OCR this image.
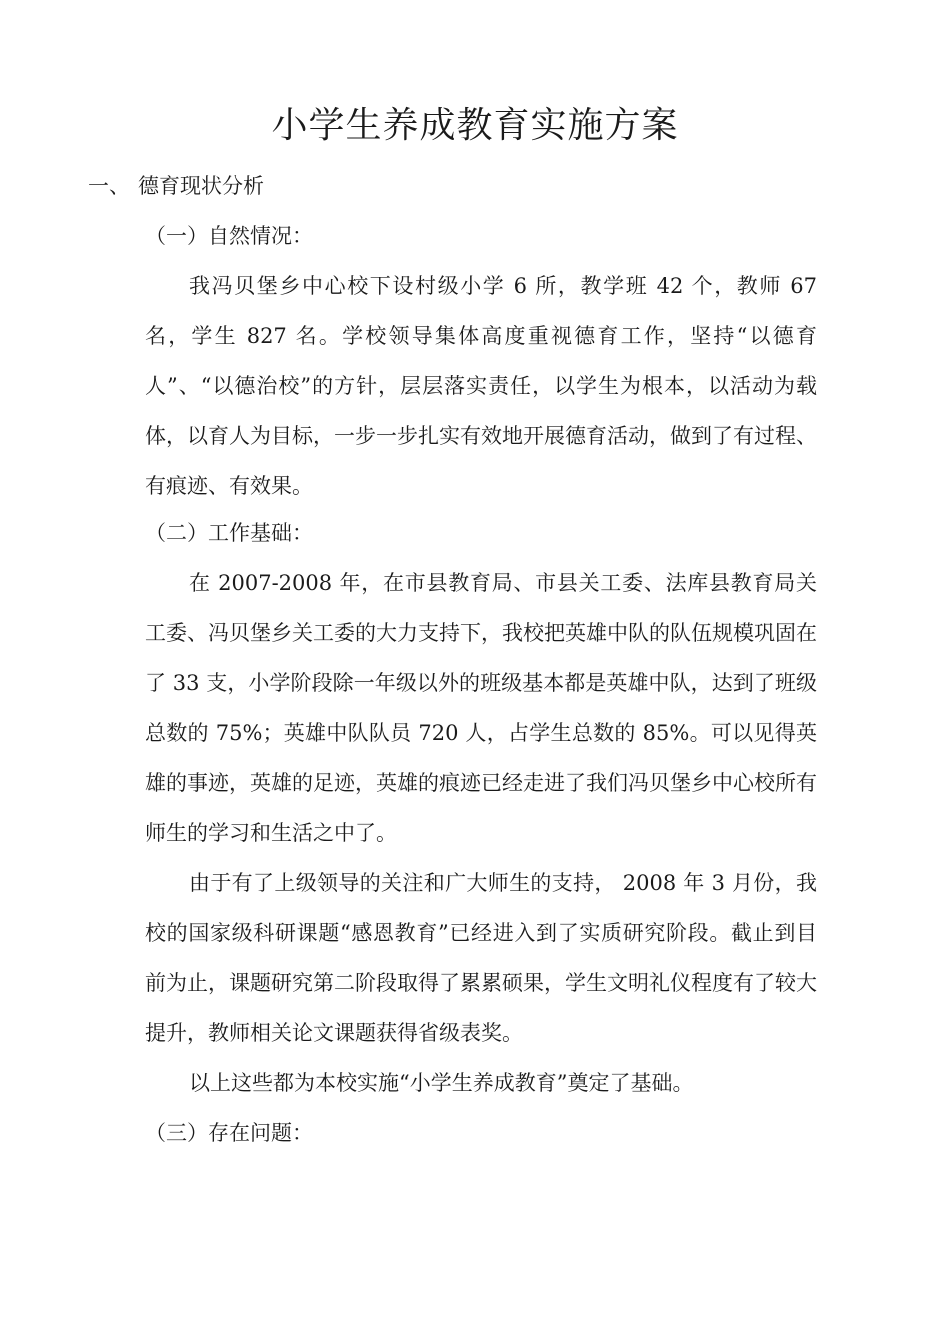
小学生养成教育实施方案
一、 德育现状分析
（一）自然情况：

我冯贝堡乡中心校下设村级小学 6 所，教学班 42 个，教师 67 名，学生 827 名。学校领导集体高度重视德育工作，坚持“以德育人”、“以德治校”的方针，层层落实责任，以学生为根本，以活动为载体，以育人为目标，一步一步扎实有效地开展德育活动，做到了有过程、有痕迹、有效果。

（二）工作基础：

在 2007-2008 年，在市县教育局、市县关工委、法库县教育局关工委、冯贝堡乡关工委的大力支持下，我校把英雄中队的队伍规模巩固在了 33 支，小学阶段除一年级以外的班级基本都是英雄中队，达到了班级总数的 75%；英雄中队队员 720 人，占学生总数的 85%。可以见得英雄的事迹，英雄的足迹，英雄的痕迹已经走进了我们冯贝堡乡中心校所有师生的学习和生活之中了。

由于有了上级领导的关注和广大师生的支持， 2008 年 3 月份，我校的国家级科研课题“感恩教育”已经进入到了实质研究阶段。截止到目前为止，课题研究第二阶段取得了累累硕果，学生文明礼仪程度有了较大提升，教师相关论文课题获得省级表奖。

以上这些都为本校实施“小学生养成教育”奠定了基础。

（三）存在问题：
